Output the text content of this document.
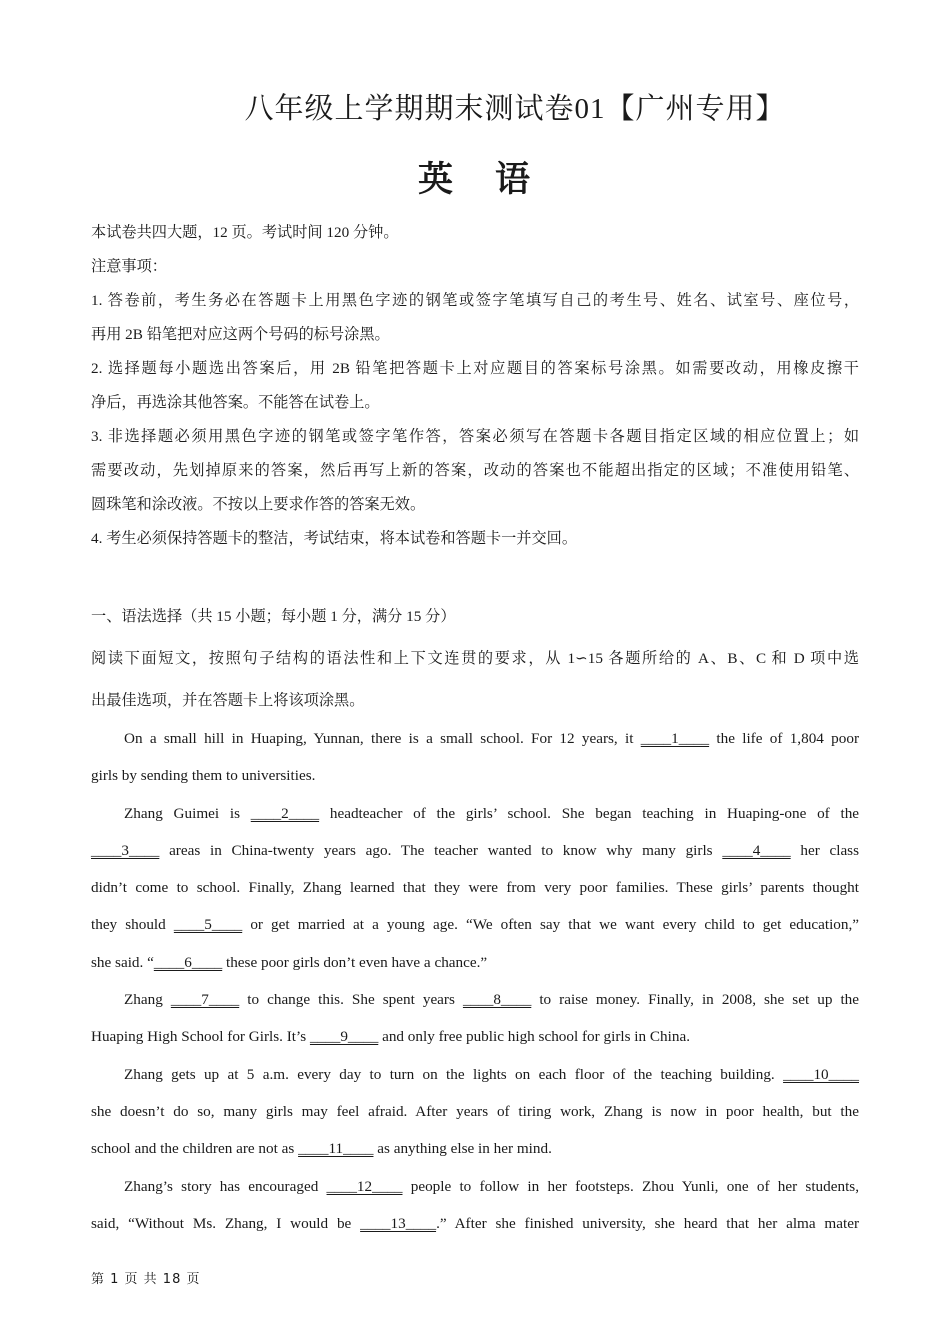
八年级上学期期末测试卷01【广州专用】
英 语
本试卷共四大题，12 页。考试时间 120 分钟。
注意事项：
1. 答卷前，考生务必在答题卡上用黑色字迹的钢笔或签字笔填写自己的考生号、姓名、试室号、座位号，
再用 2B 铅笔把对应这两个号码的标号涂黑。
2. 选择题每小题选出答案后，用 2B 铅笔把答题卡上对应题目的答案标号涂黑。如需要改动，用橡皮擦干
净后，再选涂其他答案。不能答在试卷上。
3. 非选择题必须用黑色字迹的钢笔或签字笔作答，答案必须写在答题卡各题目指定区域的相应位置上；如
需要改动，先划掉原来的答案，然后再写上新的答案，改动的答案也不能超出指定的区域；不准使用铅笔、
圆珠笔和涂改液。不按以上要求作答的答案无效。
4. 考生必须保持答题卡的整洁，考试结束，将本试卷和答题卡一并交回。
一、语法选择（共 15 小题；每小题 1 分，满分 15 分）
阅读下面短文，按照句子结构的语法性和上下文连贯的要求，从 1∽15 各题所给的 A、B、C 和 D 项中选
出最佳选项，并在答题卡上将该项涂黑。
On a small hill in Huaping, Yunnan, there is a small school. For 12 years, it ____1____ the life of 1,804 poor
girls by sending them to universities.
Zhang Guimei is ____2____ headteacher of the girls’ school. She began teaching in Huaping-one of the
____3____ areas in China-twenty years ago. The teacher wanted to know why many girls ____4____ her class
didn’t come to school. Finally, Zhang learned that they were from very poor families. These girls’ parents thought
they should ____5____ or get married at a young age. “We often say that we want every child to get education,”
she said. “____6____ these poor girls don’t even have a chance.”
Zhang ____7____ to change this. She spent years ____8____ to raise money. Finally, in 2008, she set up the
Huaping High School for Girls. It’s ____9____ and only free public high school for girls in China.
Zhang gets up at 5 a.m. every day to turn on the lights on each floor of the teaching building. ____10____
she doesn’t do so, many girls may feel afraid. After years of tiring work, Zhang is now in poor health, but the
school and the children are not as ____11____ as anything else in her mind.
Zhang’s story has encouraged ____12____ people to follow in her footsteps. Zhou Yunli, one of her students,
said, “Without Ms. Zhang, I would be ____13____.” After she finished university, she heard that her alma mater
第 1 页 共 18 页
